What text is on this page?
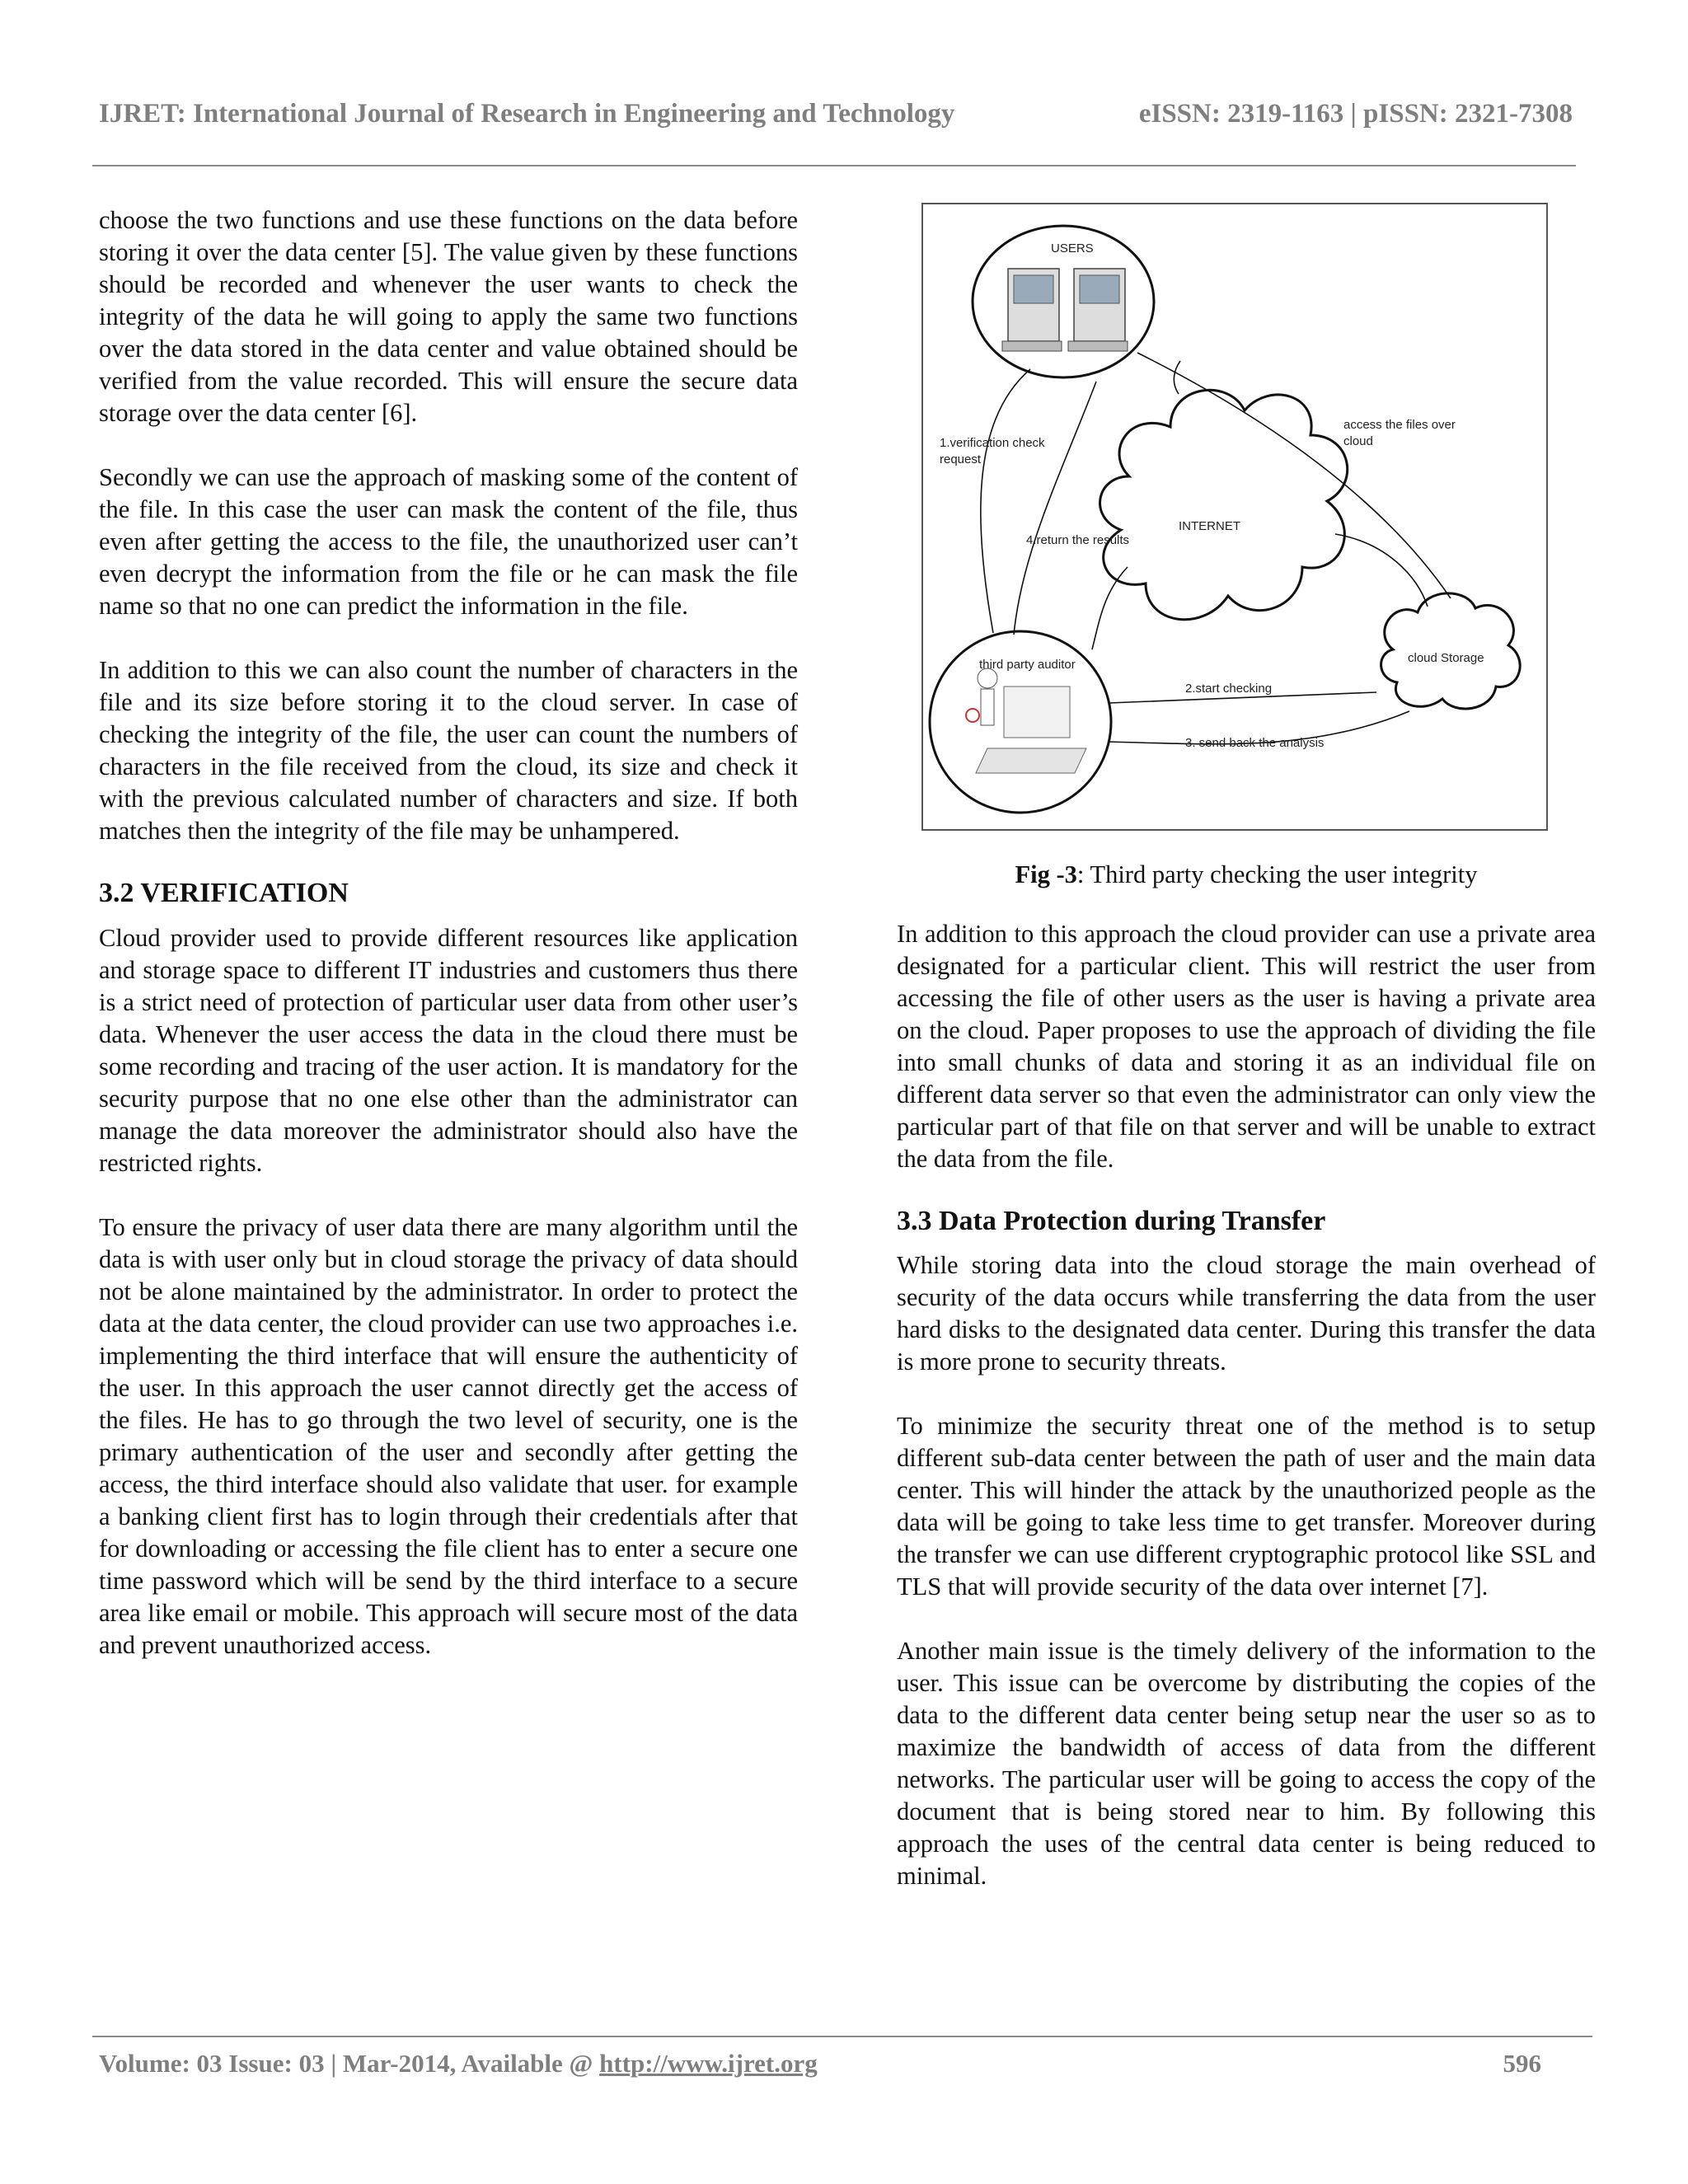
IJRET: International Journal of Research in Engineering and Technology	eISSN: 2319-1163 | pISSN: 2321-7308

choose the two functions and use these functions on the data before storing it over the data center [5]. The value given by these functions should be recorded and whenever the user wants to check the integrity of the data he will going to apply the same two functions over the data stored in the data center and value obtained should be verified from the value recorded. This will ensure the secure data storage over the data center [6].

Secondly we can use the approach of masking some of the content of the file. In this case the user can mask the content of the file, thus even after getting the access to the file, the unauthorized user can’t even decrypt the information from the file or he can mask the file name so that no one can predict the information in the file.

In addition to this we can also count the number of characters in the file and its size before storing it to the cloud server. In case of checking the integrity of the file, the user can count the numbers of characters in the file received from the cloud, its size and check it with the previous calculated number of characters and size. If both matches then the integrity of the file may be unhampered.

3.2 VERIFICATION

Cloud provider used to provide different resources like application and storage space to different IT industries and customers thus there is a strict need of protection of particular user data from other user’s data. Whenever the user access the data in the cloud there must be some recording and tracing of the user action. It is mandatory for the security purpose that no one else other than the administrator can manage the data moreover the administrator should also have the restricted rights.

To ensure the privacy of user data there are many algorithm until the data is with user only but in cloud storage the privacy of data should not be alone maintained by the administrator. In order to protect the data at the data center, the cloud provider can use two approaches i.e. implementing the third interface that will ensure the authenticity of the user. In this approach the user cannot directly get the access of the files. He has to go through the two level of security, one is the primary authentication of the user and secondly after getting the access, the third interface should also validate that user. for example a banking client first has to login through their credentials after that for downloading or accessing the file client has to enter a secure one time password which will be send by the third interface to a secure area like email or mobile. This approach will secure most of the data and prevent unauthorized access.

USERS
INTERNET
cloud Storage
third party auditor
1.verification check
request
access the files over
cloud
4.return the results
2.start checking
3. send back the analysis
Fig -3: Third party checking the user integrity

In addition to this approach the cloud provider can use a private area designated for a particular client. This will restrict the user from accessing the file of other users as the user is having a private area on the cloud. Paper proposes to use the approach of dividing the file into small chunks of data and storing it as an individual file on different data server so that even the administrator can only view the particular part of that file on that server and will be unable to extract the data from the file.

3.3 Data Protection during Transfer

While storing data into the cloud storage the main overhead of security of the data occurs while transferring the data from the user hard disks to the designated data center. During this transfer the data is more prone to security threats.

To minimize the security threat one of the method is to setup different sub-data center between the path of user and the main data center. This will hinder the attack by the unauthorized people as the data will be going to take less time to get transfer. Moreover during the transfer we can use different cryptographic protocol like SSL and TLS that will provide security of the data over internet [7].

Another main issue is the timely delivery of the information to the user. This issue can be overcome by distributing the copies of the data to the different data center being setup near the user so as to maximize the bandwidth of access of data from the different networks. The particular user will be going to access the copy of the document that is being stored near to him. By following this approach the uses of the central data center is being reduced to minimal.

Volume: 03 Issue: 03 | Mar-2014, Available @ http://www.ijret.org	596
